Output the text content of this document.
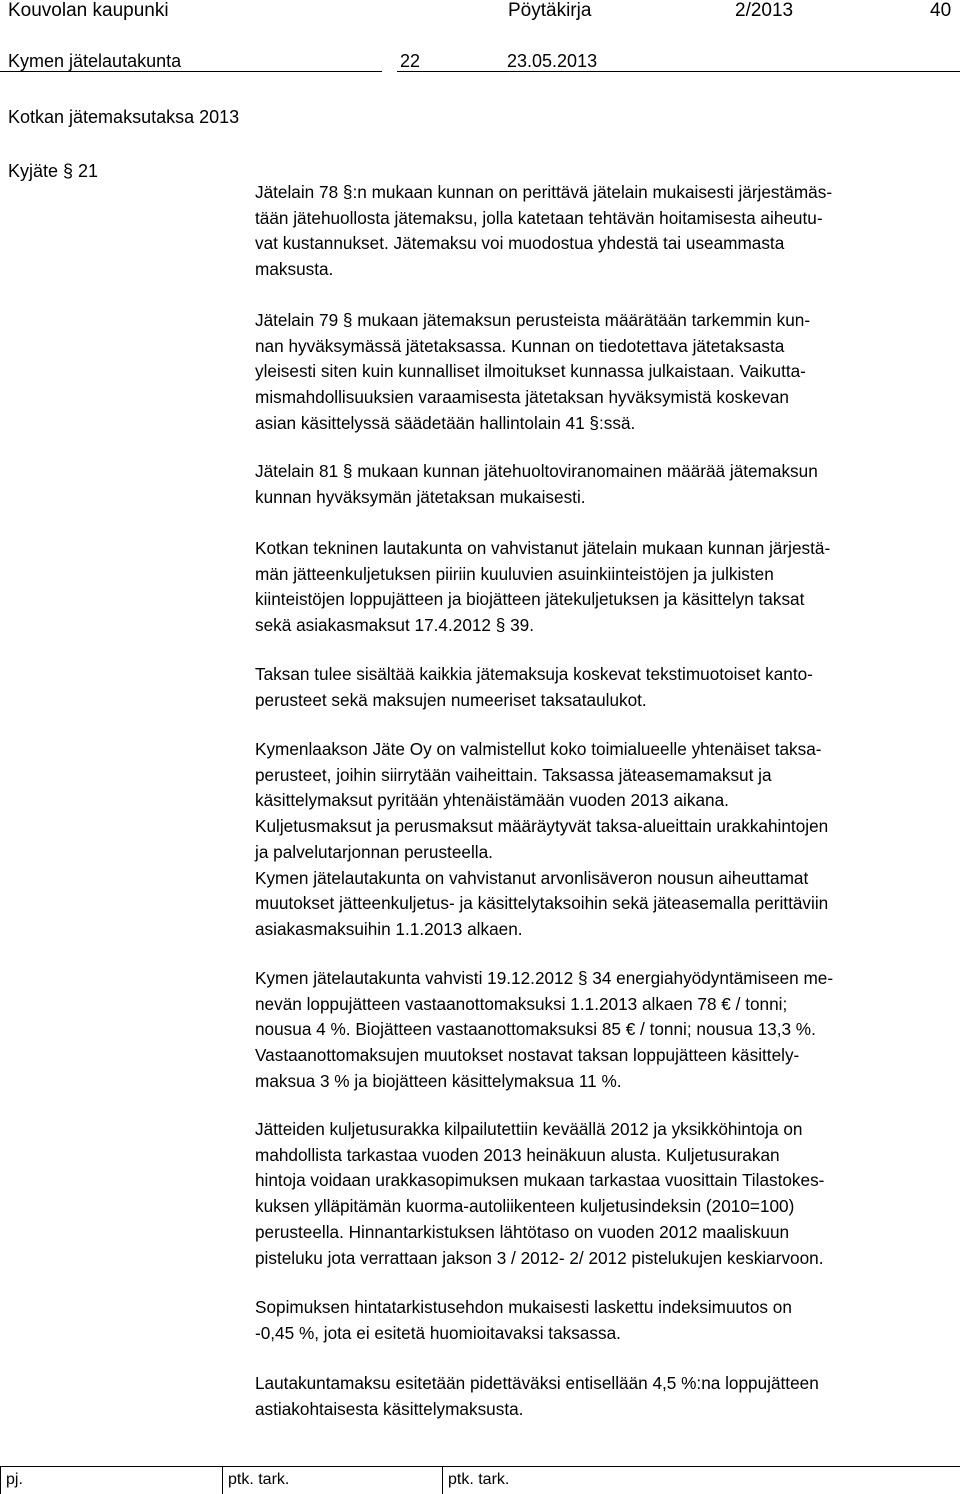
Kouvolan kaupunki	Pöytäkirja	2/2013	40
Kymen jätelautakunta	22	23.05.2013
Kotkan jätemaksutaksa 2013
Kyjäte § 21

Jätelain 78 §:n mukaan kunnan on perittävä jätelain mukaisesti järjestämäs-

tään jätehuollosta jätemaksu, jolla katetaan tehtävän hoitamisesta aiheutu-

vat kustannukset. Jätemaksu voi muodostua yhdestä tai useammasta

maksusta.

Jätelain 79 § mukaan jätemaksun perusteista määrätään tarkemmin kun-

nan hyväksymässä jätetaksassa. Kunnan on tiedotettava jätetaksasta

yleisesti siten kuin kunnalliset ilmoitukset kunnassa julkaistaan. Vaikutta-

mismahdollisuuksien varaamisesta jätetaksan hyväksymistä koskevan

asian käsittelyssä säädetään hallintolain 41 §:ssä.

Jätelain 81 § mukaan kunnan jätehuoltoviranomainen määrää jätemaksun

kunnan hyväksymän jätetaksan mukaisesti.

Kotkan tekninen lautakunta on vahvistanut jätelain mukaan kunnan järjestä-

män jätteenkuljetuksen piiriin kuuluvien asuinkiinteistöjen ja julkisten

kiinteistöjen loppujätteen ja biojätteen jätekuljetuksen ja käsittelyn taksat

sekä asiakasmaksut 17.4.2012 § 39.

Taksan tulee sisältää kaikkia jätemaksuja koskevat tekstimuotoiset kanto-

perusteet sekä maksujen numeeriset taksataulukot.

Kymenlaakson Jäte Oy on valmistellut koko toimialueelle yhtenäiset taksa-

perusteet, joihin siirrytään vaiheittain. Taksassa jäteasemamaksut ja

käsittelymaksut pyritään yhtenäistämään vuoden 2013 aikana.

Kuljetusmaksut ja perusmaksut määräytyvät taksa-alueittain urakkahintojen

ja palvelutarjonnan perusteella.

Kymen jätelautakunta on vahvistanut arvonlisäveron nousun aiheuttamat

muutokset jätteenkuljetus- ja käsittelytaksoihin sekä jäteasemalla perittäviin

asiakasmaksuihin 1.1.2013 alkaen.

Kymen jätelautakunta vahvisti 19.12.2012 § 34 energiahyödyntämiseen me-

nevän loppujätteen vastaanottomaksuksi 1.1.2013 alkaen 78 € / tonni;

nousua 4 %. Biojätteen vastaanottomaksuksi 85 € / tonni; nousua 13,3 %.

Vastaanottomaksujen muutokset nostavat taksan loppujätteen käsittely-

maksua 3 % ja biojätteen käsittelymaksua 11 %.

Jätteiden kuljetusurakka kilpailutettiin keväällä 2012 ja yksikköhintoja on

mahdollista tarkastaa vuoden 2013 heinäkuun alusta. Kuljetusurakan

hintoja voidaan urakkasopimuksen mukaan tarkastaa vuosittain Tilastokes-

kuksen ylläpitämän kuorma-autoliikenteen kuljetusindeksin (2010=100)

perusteella. Hinnantarkistuksen lähtötaso on vuoden 2012 maaliskuun

pisteluku jota verrattaan jakson 3 / 2012- 2/ 2012 pistelukujen keskiarvoon.

Sopimuksen hintatarkistusehdon mukaisesti laskettu indeksimuutos on

-0,45 %, jota ei esitetä huomioitavaksi taksassa.

Lautakuntamaksu esitetään pidettäväksi entisellään 4,5 %:na loppujätteen

astiakohtaisesta käsittelymaksusta.

pj.	ptk. tark.	ptk. tark.
